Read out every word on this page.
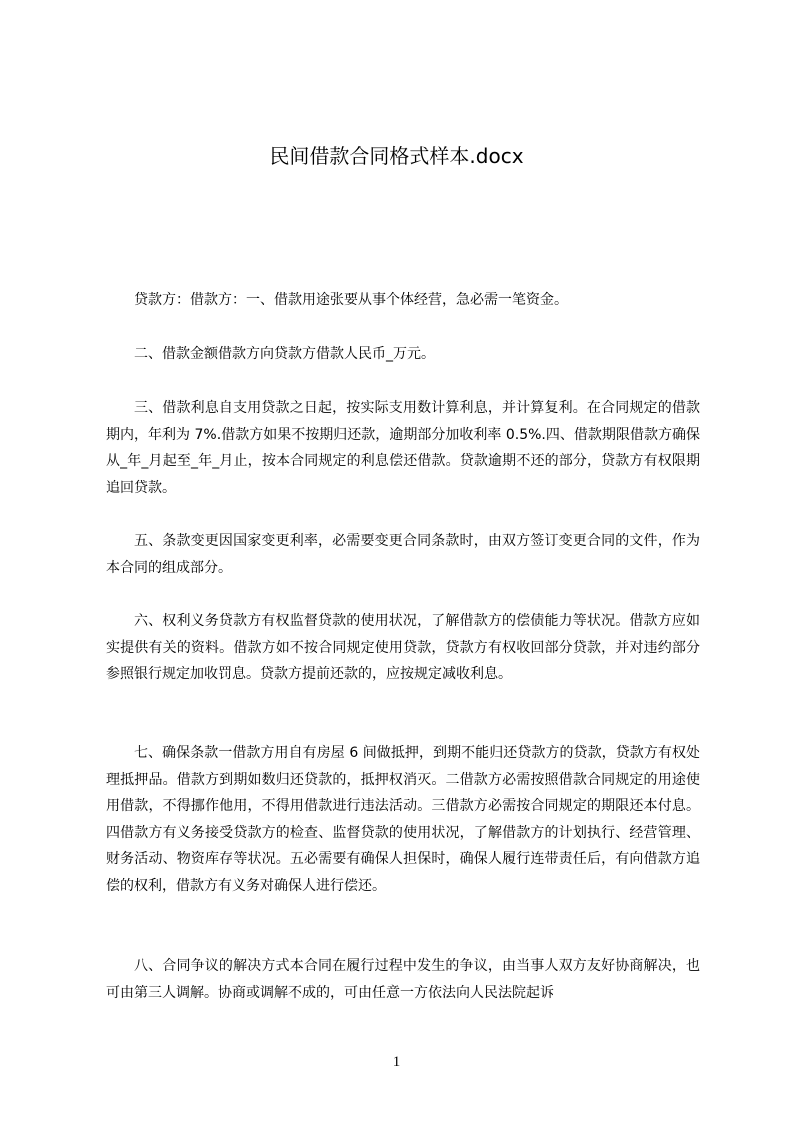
民间借款合同格式样本.docx

贷款方：借款方：一、借款用途张要从事个体经营，急必需一笔资金。

二、借款金额借款方向贷款方借款人民币_万元。

三、借款利息自支用贷款之日起，按实际支用数计算利息，并计算复利。在合同规定的借款期内，年利为 7%.借款方如果不按期归还款，逾期部分加收利率 0.5%.四、借款期限借款方确保从_年_月起至_年_月止，按本合同规定的利息偿还借款。贷款逾期不还的部分，贷款方有权限期追回贷款。

五、条款变更因国家变更利率，必需要变更合同条款时，由双方签订变更合同的文件，作为本合同的组成部分。

六、权利义务贷款方有权监督贷款的使用状况，了解借款方的偿债能力等状况。借款方应如实提供有关的资料。借款方如不按合同规定使用贷款，贷款方有权收回部分贷款，并对违约部分参照银行规定加收罚息。贷款方提前还款的，应按规定减收利息。

七、确保条款一借款方用自有房屋 6 间做抵押，到期不能归还贷款方的贷款，贷款方有权处理抵押品。借款方到期如数归还贷款的，抵押权消灭。二借款方必需按照借款合同规定的用途使用借款，不得挪作他用，不得用借款进行违法活动。三借款方必需按合同规定的期限还本付息。四借款方有义务接受贷款方的检查、监督贷款的使用状况，了解借款方的计划执行、经营管理、财务活动、物资库存等状况。五必需要有确保人担保时，确保人履行连带责任后，有向借款方追偿的权利，借款方有义务对确保人进行偿还。

八、合同争议的解决方式本合同在履行过程中发生的争议，由当事人双方友好协商解决，也可由第三人调解。协商或调解不成的，可由任意一方依法向人民法院起诉

1
